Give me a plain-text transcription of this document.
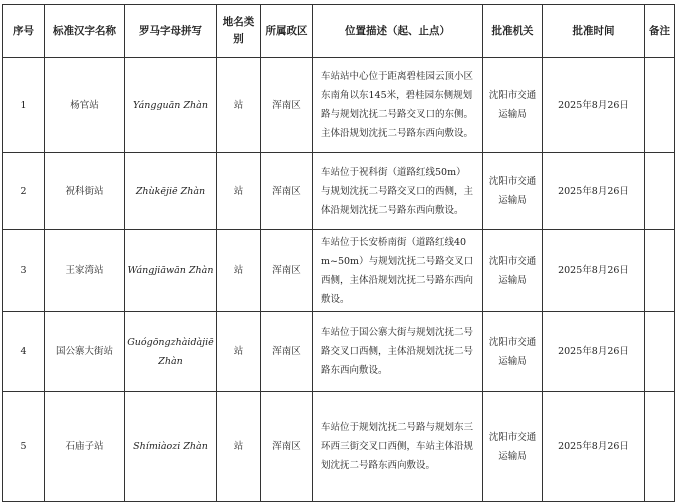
序号	标准汉字名称	罗马字母拼写	地名类别	所属政区	位置描述（起、止点）	批准机关	批准时间	备注
1	杨官站	Yángguān Zhàn	站	浑南区	车站站中心位于距离碧桂园云顶小区东南角以东145米，碧桂园东侧规划路与规划沈抚二号路交叉口的东侧。主体沿规划沈抚二号路东西向敷设。	沈阳市交通运输局	2025年8月26日	
2	祝科街站	Zhùkējiē Zhàn	站	浑南区	车站位于祝科街（道路红线50m）与规划沈抚二号路交叉口的西侧，主体沿规划沈抚二号路东西向敷设。	沈阳市交通运输局	2025年8月26日	
3	王家湾站	Wángjiāwān Zhàn	站	浑南区	车站位于长安桥南街（道路红线40m~50m）与规划沈抚二号路交叉口西侧，主体沿规划沈抚二号路东西向敷设。	沈阳市交通运输局	2025年8月26日	
4	国公寨大街站	Guógōngzhàidàjiē Zhàn	站	浑南区	车站位于国公寨大街与规划沈抚二号路交叉口西侧，主体沿规划沈抚二号路东西向敷设。	沈阳市交通运输局	2025年8月26日	
5	石庙子站	Shímiàozi Zhàn	站	浑南区	车站位于规划沈抚二号路与规划东三环西三街交叉口西侧，车站主体沿规划沈抚二号路东西向敷设。	沈阳市交通运输局	2025年8月26日	
